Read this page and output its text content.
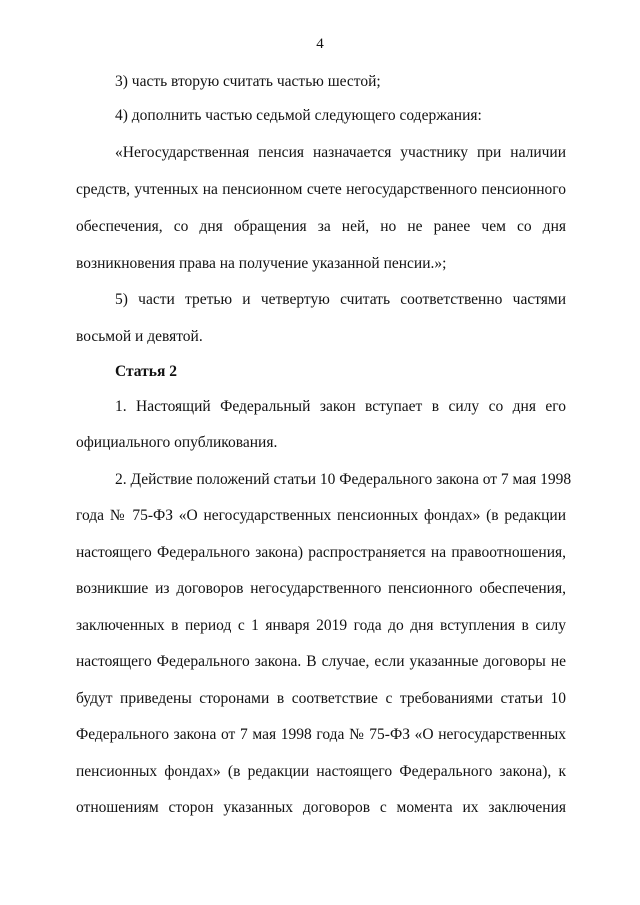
4
3) часть вторую считать частью шестой;
4) дополнить частью седьмой следующего содержания:
«Негосударственная пенсия назначается участнику при наличии
средств, учтенных на пенсионном счете негосударственного пенсионного
обеспечения, со дня обращения за ней, но не ранее чем со дня
возникновения права на получение указанной пенсии.»;
5) части третью и четвертую считать соответственно частями
восьмой и девятой.
Статья 2
1. Настоящий Федеральный закон вступает в силу со дня его
официального опубликования.
2. Действие положений статьи 10 Федерального закона от 7 мая 1998
года № 75-ФЗ «О негосударственных пенсионных фондах» (в редакции
настоящего Федерального закона) распространяется на правоотношения,
возникшие из договоров негосударственного пенсионного обеспечения,
заключенных в период с 1 января 2019 года до дня вступления в силу
настоящего Федерального закона. В случае, если указанные договоры не
будут приведены сторонами в соответствие с требованиями статьи 10
Федерального закона от 7 мая 1998 года № 75-ФЗ «О негосударственных
пенсионных фондах» (в редакции настоящего Федерального закона), к
отношениям сторон указанных договоров с момента их заключения
